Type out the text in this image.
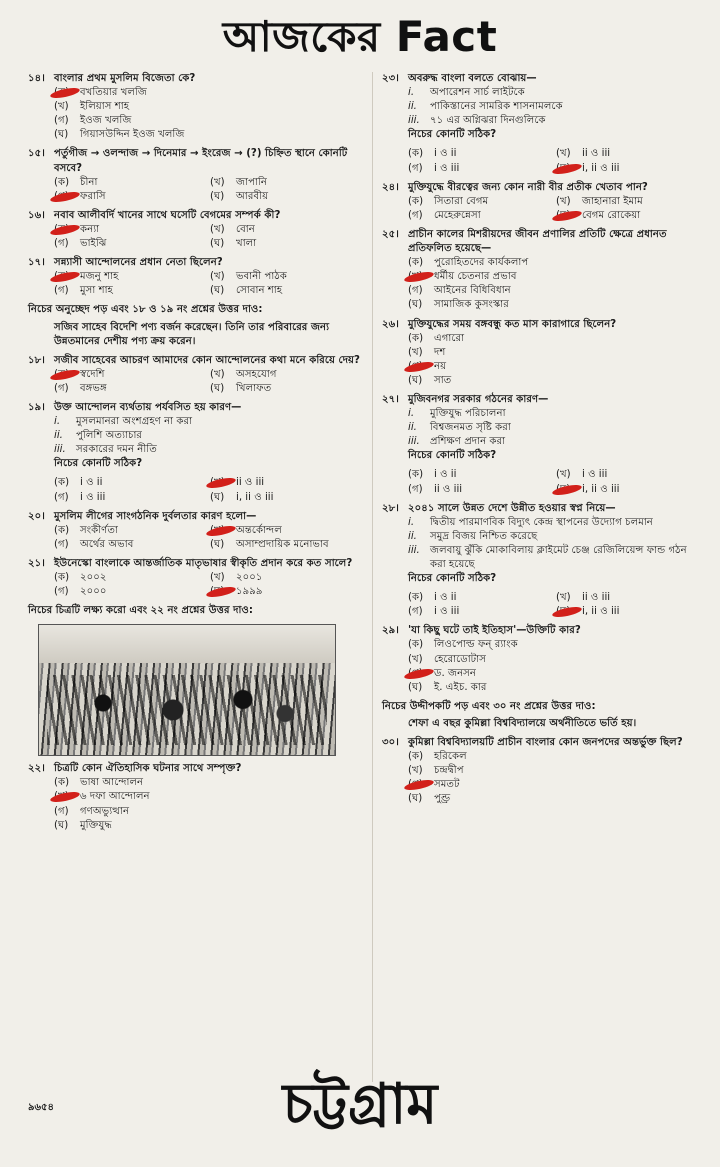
আজকের Fact
১৪। বাংলার প্রথম মুসলিম বিজেতা কে?
বখতিয়ার খলজি
(খ)	ইলিয়াস শাহ
(গ)	ইওজ খলজি
(ঘ)	গিয়াসউদ্দিন ইওজ খলজি
১৫। পর্তুগীজ → ওলন্দাজ → দিনেমার → ইংরেজ → (?) চিহ্নিত স্থানে কোনটি বসবে?
(ক)	চীনা	(খ)	জাপানি
ফরাসি	(ঘ)	আরবীয়
১৬। নবাব আলীবর্দি খানের সাথে ঘসেটি বেগমের সম্পর্ক কী?
কন্যা	(খ)	বোন
(গ)	ভাইঝি	(ঘ)	খালা
১৭। সন্ন্যাসী আন্দোলনের প্রধান নেতা ছিলেন?
মজনু শাহ	(খ)	ভবানী পাঠক
(গ)	মুসা শাহ	(ঘ)	সোবান শাহ
নিচের অনুচ্ছেদ পড় এবং ১৮ ও ১৯ নং প্রশ্নের উত্তর দাও:
সজিব সাহেব বিদেশি পণ্য বর্জন করেছেন। তিনি তার পরিবারের জন্য উন্নতমানের দেশীয় পণ্য ক্রয় করেন।
১৮। সজীব সাহেবের আচরণ আমাদের কোন আন্দোলনের কথা মনে করিয়ে দেয়?
স্বদেশি	(খ)	অসহযোগ
(গ)	বঙ্গভঙ্গ	(ঘ)	খিলাফত
১৯। উক্ত আন্দোলন ব্যর্থতায় পর্যবসিত হয় কারণ—
i.	মুসলমানরা অংশগ্রহণ না করা
ii.	পুলিশি অত্যাচার
iii.	সরকারের দমন নীতি
নিচের কোনটি সঠিক?
(ক)	i ও ii	ii ও iii
(গ)	i ও iii	(ঘ)	i, ii ও iii
২০। মুসলিম লীগের সাংগঠনিক দুর্বলতার কারণ হলো—
(ক)	সংকীর্ণতা	অন্তর্কোন্দল
(গ)	অর্থের অভাব	(ঘ)	অসাম্প্রদায়িক মনোভাব
২১। ইউনেস্কো বাংলাকে আন্তর্জাতিক মাতৃভাষার স্বীকৃতি প্রদান করে কত সালে?
(ক)	২০০২	(খ)	২০০১
(গ)	২০০০	১৯৯৯
নিচের চিত্রটি লক্ষ্য করো এবং ২২ নং প্রশ্নের উত্তর দাও:
২২। চিত্রটি কোন ঐতিহাসিক ঘটনার সাথে সম্পৃক্ত?
(ক)	ভাষা আন্দোলন
৬ দফা আন্দোলন
(গ)	গণঅভ্যুত্থান
(ঘ)	মুক্তিযুদ্ধ
২৩। অবরুদ্ধ বাংলা বলতে বোঝায়—
i.	অপারেশন সার্চ লাইটকে
ii.	পাকিস্তানের সামরিক শাসনামলকে
iii.	৭১ এর অগ্নিঝরা দিনগুলিকে
নিচের কোনটি সঠিক?
(ক)	i ও ii	(খ)	ii ও iii
(গ)	i ও iii	i, ii ও iii
২৪। মুক্তিযুদ্ধে বীরত্বের জন্য কোন নারী বীর প্রতীক খেতাব পান?
(ক)	সিতারা বেগম	(খ)	জাহানারা ইমাম
(গ)	মেহেরুন্নেসা	বেগম রোকেয়া
২৫। প্রাচীন কালের মিশরীয়দের জীবন প্রণালির প্রতিটি ক্ষেত্রে প্রধানত প্রতিফলিত হয়েছে—
(ক)	পুরোহিতদের কার্যকলাপ
ধর্মীয় চেতনার প্রভাব
(গ)	আইনের বিধিবিধান
(ঘ)	সামাজিক কুসংস্কার
২৬। মুক্তিযুদ্ধের সময় বঙ্গবন্ধু কত মাস কারাগারে ছিলেন?
(ক)	এগারো
(খ)	দশ
নয়
(ঘ)	সাত
২৭। মুজিবনগর সরকার গঠনের কারণ—
i.	মুক্তিযুদ্ধ পরিচালনা
ii.	বিশ্বজনমত সৃষ্টি করা
iii.	প্রশিক্ষণ প্রদান করা
নিচের কোনটি সঠিক?
(ক)	i ও ii	(খ)	i ও iii
(গ)	ii ও iii	i, ii ও iii
২৮। ২০৪১ সালে উন্নত দেশে উন্নীত হওয়ার স্বপ্ন নিয়ে—
i.	দ্বিতীয় পারমাণবিক বিদ্যুৎ কেন্দ্র স্থাপনের উদ্যোগ চলমান
ii.	সমুদ্র বিজয় নিশ্চিত করেছে
iii.	জলবায়ু ঝুঁকি মোকাবিলায় ক্লাইমেট চেঞ্জ রেজিলিয়েন্স ফান্ড গঠন করা হয়েছে
নিচের কোনটি সঠিক?
(ক)	i ও ii	(খ)	ii ও iii
(গ)	i ও iii	i, ii ও iii
২৯। 'যা কিছু ঘটে তাই ইতিহাস'—উক্তিটি কার?
(ক)	লিওপোল্ড ফন্ র‍্যাংক
(খ)	হেরোডোটাস
ড. জনসন
(ঘ)	ই. এইচ. কার
নিচের উদ্দীপকটি পড় এবং ৩০ নং প্রশ্নের উত্তর দাও:
শেফা এ বছর কুমিল্লা বিশ্ববিদ্যালয়ে অর্থনীতিতে ভর্তি হয়।
৩০। কুমিল্লা বিশ্ববিদ্যালয়টি প্রাচীন বাংলার কোন জনপদের অন্তর্ভুক্ত ছিল?
(ক)	হরিকেল
(খ)	চন্দ্রদ্বীপ
সমতট
(ঘ)	পুণ্ড্র
৯৬৫৪	চট্টগ্রাম
